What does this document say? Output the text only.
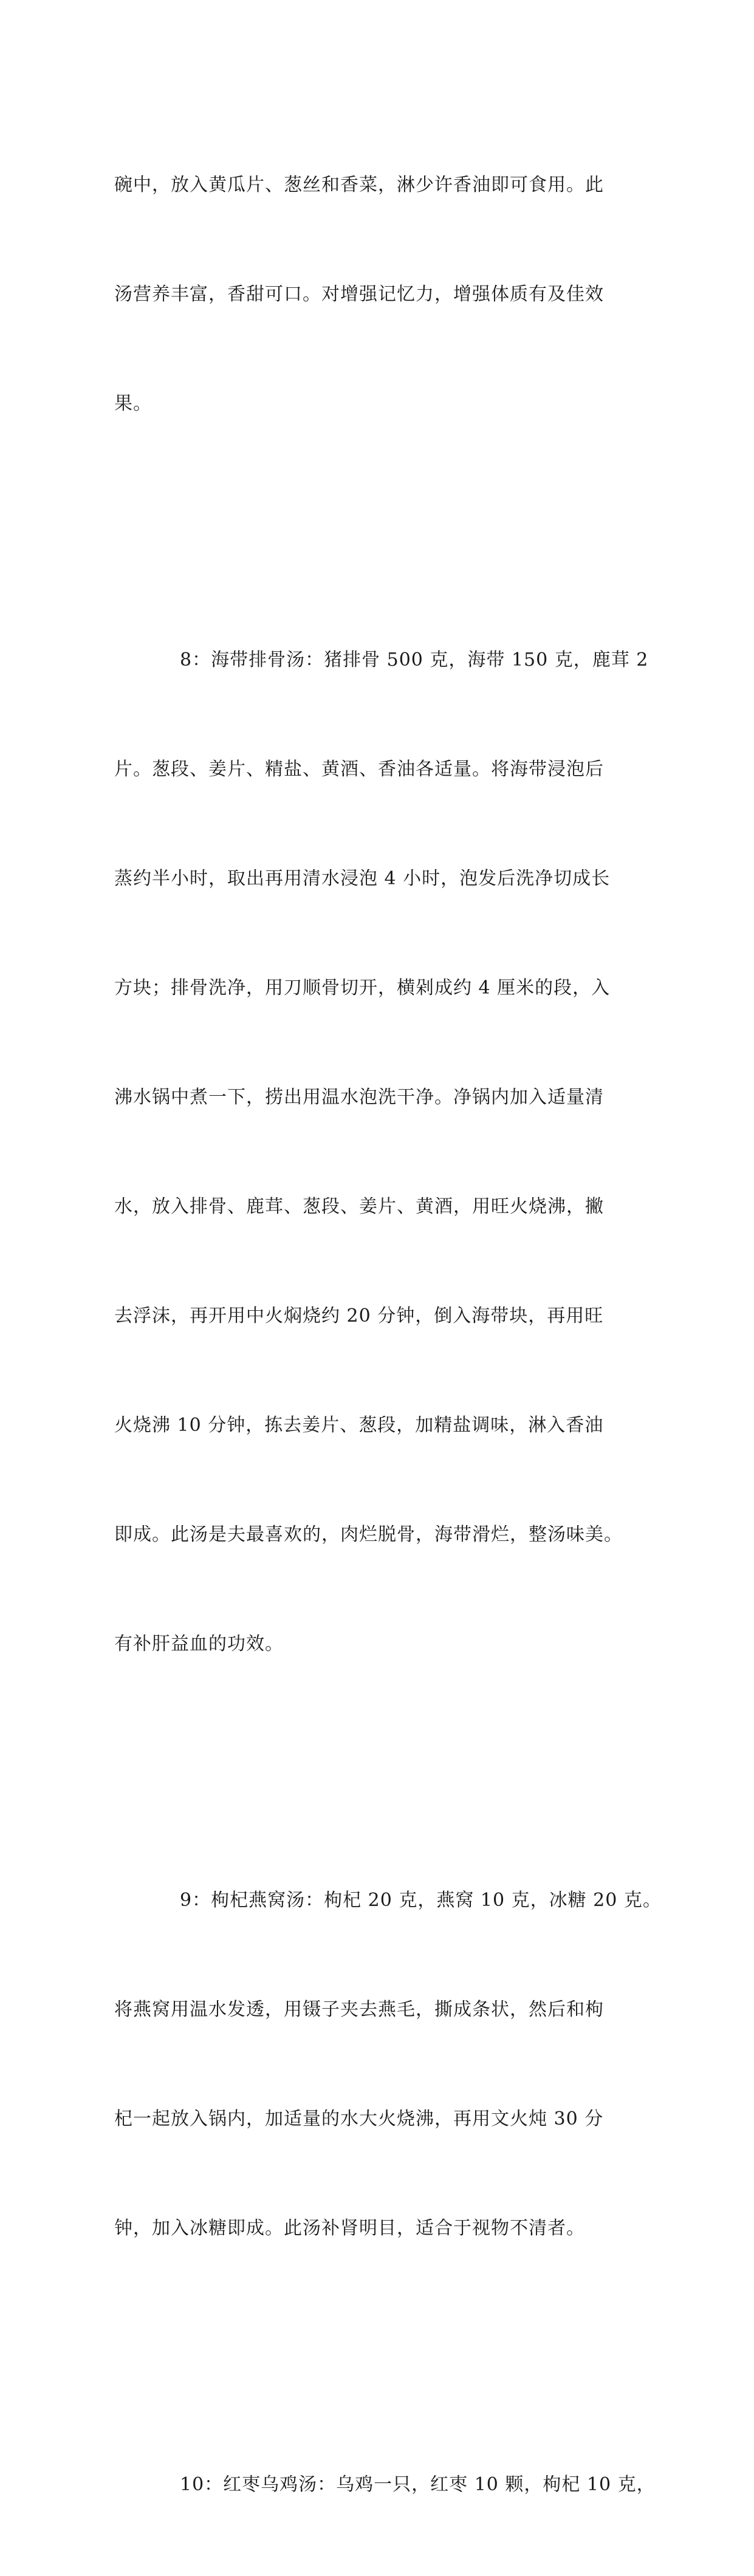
碗中，放入黄瓜片、葱丝和香菜，淋少许香油即可食用。此

汤营养丰富，香甜可口。对增强记忆力，增强体质有及佳效

果。

8：海带排骨汤：猪排骨 500 克，海带 150 克，鹿茸 2

片。葱段、姜片、精盐、黄酒、香油各适量。将海带浸泡后

蒸约半小时，取出再用清水浸泡 4 小时，泡发后洗净切成长

方块；排骨洗净，用刀顺骨切开，横剁成约 4 厘米的段，入

沸水锅中煮一下，捞出用温水泡洗干净。净锅内加入适量清

水，放入排骨、鹿茸、葱段、姜片、黄酒，用旺火烧沸，撇

去浮沫，再开用中火焖烧约 20 分钟，倒入海带块，再用旺

火烧沸 10 分钟，拣去姜片、葱段，加精盐调味，淋入香油

即成。此汤是夫最喜欢的，肉烂脱骨，海带滑烂，整汤味美。

有补肝益血的功效。

9：枸杞燕窝汤：枸杞 20 克，燕窝 10 克，冰糖 20 克。

将燕窝用温水发透，用镊子夹去燕毛，撕成条状，然后和枸

杞一起放入锅内，加适量的水大火烧沸，再用文火炖 30 分

钟，加入冰糖即成。此汤补肾明目，适合于视物不清者。

10：红枣乌鸡汤：乌鸡一只，红枣 10 颗，枸杞 10 克，
